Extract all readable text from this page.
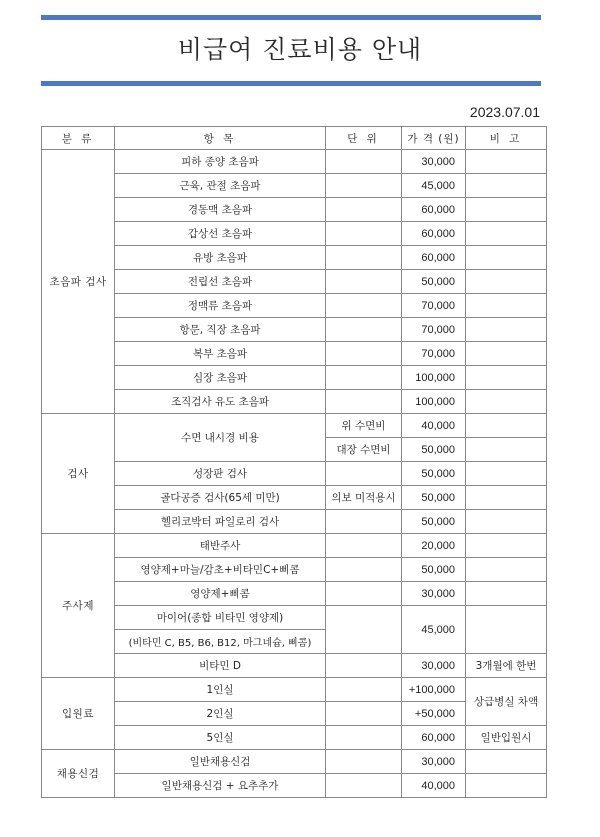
비급여 진료비용 안내
2023.07.01
분 류	항 목	단 위	가 격 (원)	비 고
초음파 검사	피하 종양 초음파		30,000	
	근육, 관절 초음파		45,000	
	경동맥 초음파		60,000	
	갑상선 초음파		60,000	
	유방 초음파		60,000	
	전립선 초음파		50,000	
	정맥류 초음파		70,000	
	항문, 직장 초음파		70,000	
	복부 초음파		70,000	
	심장 초음파		100,000	
	조직검사 유도 초음파		100,000	
검사	수면 내시경 비용	위 수면비	40,000	
		대장 수면비	50,000	
	성장판 검사		50,000	
	골다공증 검사(65세 미만)	의보 미적용시	50,000	
	헬리코박터 파일로리 검사		50,000	
주사제	태반주사		20,000	
	영양제+마늘/감초+비타민C+삐콤		50,000	
	영양제+삐콤		30,000	
	마이어(종합 비타민 영양제)		45,000	
	(비타민 C, B5, B6, B12, 마그네슘, 삐콤)			
	비타민 D		30,000	3개월에 한번
입원료	1인실		+100,000	상급병실 차액
	2인실		+50,000	
	5인실		60,000	일반입원시
채용신검	일반채용신검		30,000	
	일반채용신검 + 요추추가		40,000	
